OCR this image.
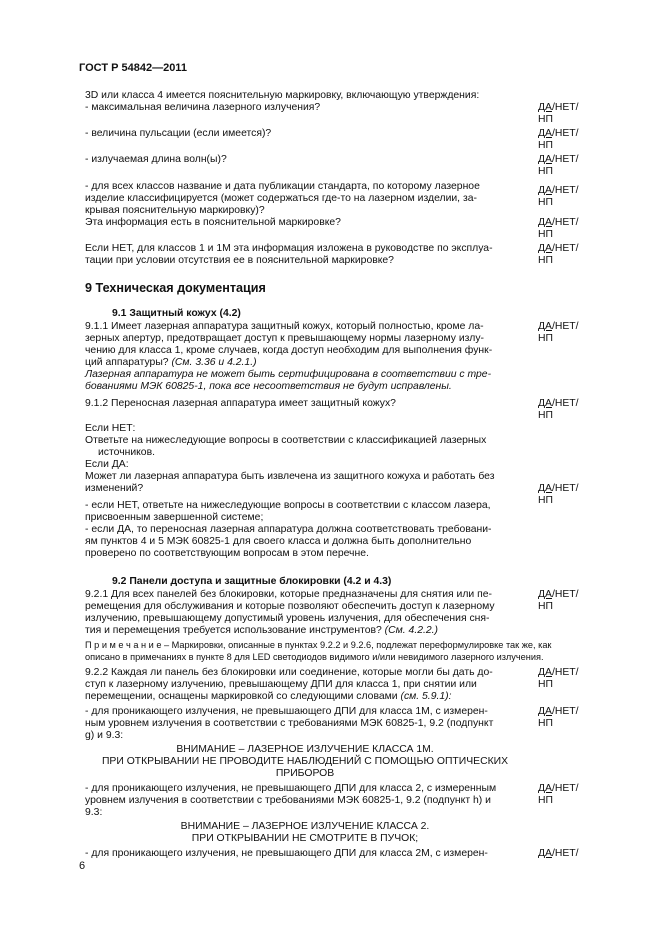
ГОСТ Р 54842—2011
3D или класса 4 имеется пояснительную маркировку, включающую утверждения:
- максимальная величина лазерного излучения?
- величина пульсации (если имеется)?
- излучаемая длина волн(ы)?
- для всех классов название и дата публикации стандарта, по которому лазерное
изделие классифицируется (может содержаться где-то на лазерном изделии, за-
крывая пояснительную маркировку)?
Эта информация есть в пояснительной маркировке?
Если НЕТ, для классов 1 и 1М эта информация изложена в руководстве по эксплуа-
тации при условии отсутствия ее в пояснительной маркировке?
ДА/НЕТ/
НП
ДА/НЕТ/
НП
ДА/НЕТ/
НП
ДА/НЕТ/
НП
ДА/НЕТ/
НП
ДА/НЕТ/
НП
9 Техническая документация
9.1 Защитный кожух (4.2)
9.1.1 Имеет лазерная аппаратура защитный кожух, который полностью, кроме ла-
зерных апертур, предотвращает доступ к превышающему нормы лазерному излу-
чению для класса 1, кроме случаев, когда доступ необходим для выполнения функ-
ций аппаратуры? (См. 3.36 и 4.2.1.)
Лазерная аппаратура не может быть сертифицирована в соответствии с тре-
бованиями МЭК 60825-1, пока все несоответствия не будут исправлены.
9.1.2 Переносная лазерная аппаратура имеет защитный кожух?
ДА/НЕТ/
НП
ДА/НЕТ/
НП
Если НЕТ:
Ответьте на нижеследующие вопросы в соответствии с классификацией лазерных
источников.
Если ДА:
Может ли лазерная аппаратура быть извлечена из защитного кожуха и работать без
изменений?	ДА/НЕТ/
НП
- если НЕТ, ответьте на нижеследующие вопросы в соответствии с классом лазера,
присвоенным завершенной системе;
- если ДА, то переносная лазерная аппаратура должна соответствовать требовани-
ям пунктов 4 и 5 МЭК 60825-1 для своего класса и должна быть дополнительно
проверено по соответствующим вопросам в этом перечне.
9.2 Панели доступа и защитные блокировки (4.2 и 4.3)
9.2.1 Для всех панелей без блокировки, которые предназначены для снятия или пе-
ремещения для обслуживания и которые позволяют обеспечить доступ к лазерному
излучению, превышающему допустимый уровень излучения, для обеспечения сня-
тия и перемещения требуется использование инструментов? (См. 4.2.2.)
ДА/НЕТ/
НП
П р и м е ч а н и е – Маркировки, описанные в пунктах 9.2.2 и 9.2.6, подлежат переформулировке так же, как
описано в примечаниях в пункте 8 для LED светодиодов видимого и/или невидимого лазерного излучения.
9.2.2 Каждая ли панель без блокировки или соединение, которые могли бы дать до-
ступ к лазерному излучению, превышающему ДПИ для класса 1, при снятии или
перемещении, оснащены маркировкой со следующими словами (см. 5.9.1):
ДА/НЕТ/
НП
- для проникающего излучения, не превышающего ДПИ для класса 1М, с измерен-
ным уровнем излучения в соответствии с требованиями МЭК 60825-1, 9.2 (подпункт
g) и 9.3:
ДА/НЕТ/
НП
ВНИМАНИЕ – ЛАЗЕРНОЕ ИЗЛУЧЕНИЕ КЛАССА 1М.
ПРИ ОТКРЫВАНИИ НЕ ПРОВОДИТЕ НАБЛЮДЕНИЙ С ПОМОЩЬЮ ОПТИЧЕСКИХ
ПРИБОРОВ
- для проникающего излучения, не превышающего ДПИ для класса 2, с измеренным
уровнем излучения в соответствии с требованиями МЭК 60825-1, 9.2 (подпункт h) и
9.3:
ДА/НЕТ/
НП
ВНИМАНИЕ – ЛАЗЕРНОЕ ИЗЛУЧЕНИЕ КЛАССА 2.
ПРИ ОТКРЫВАНИИ НЕ СМОТРИТЕ В ПУЧОК;
- для проникающего излучения, не превышающего ДПИ для класса 2М, с измерен-	ДА/НЕТ/
6
